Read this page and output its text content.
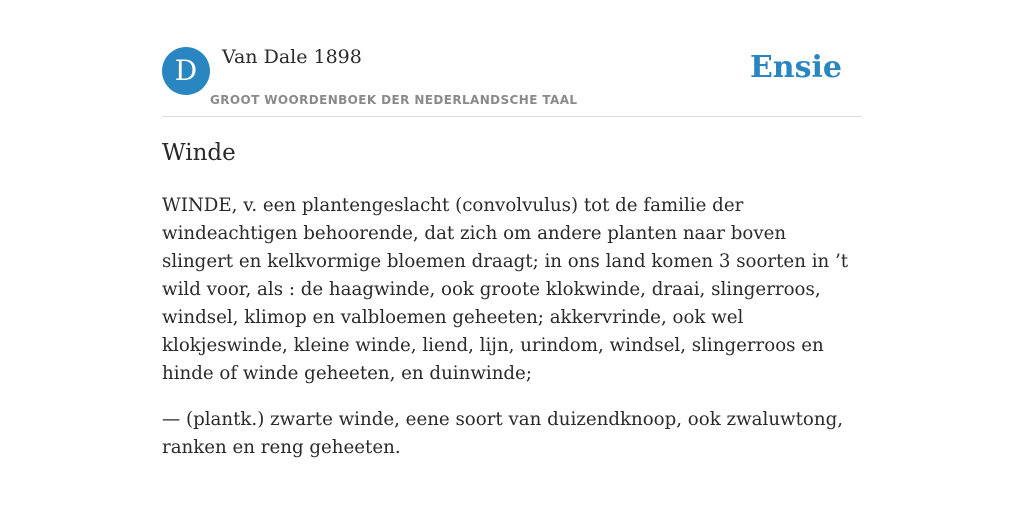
D	Van Dale 1898
GROOT WOORDENBOEK DER NEDERLANDSCHE TAAL
Ensie
Winde

WINDE, v. een plantengeslacht (convolvulus) tot de familie der windeachtigen behoorende, dat zich om andere planten naar boven slingert en kelkvormige bloemen draagt; in ons land komen 3 soorten in ’t wild voor, als : de haagwinde, ook groote klokwinde, draai, slingerroos, windsel, klimop en valbloemen geheeten; akkervrinde, ook wel klokjeswinde, kleine winde, liend, lijn, urindom, windsel, slingerroos en hinde of winde geheeten, en duinwinde;

— (plantk.) zwarte winde, eene soort van duizendknoop, ook zwaluwtong, ranken en reng geheeten.
